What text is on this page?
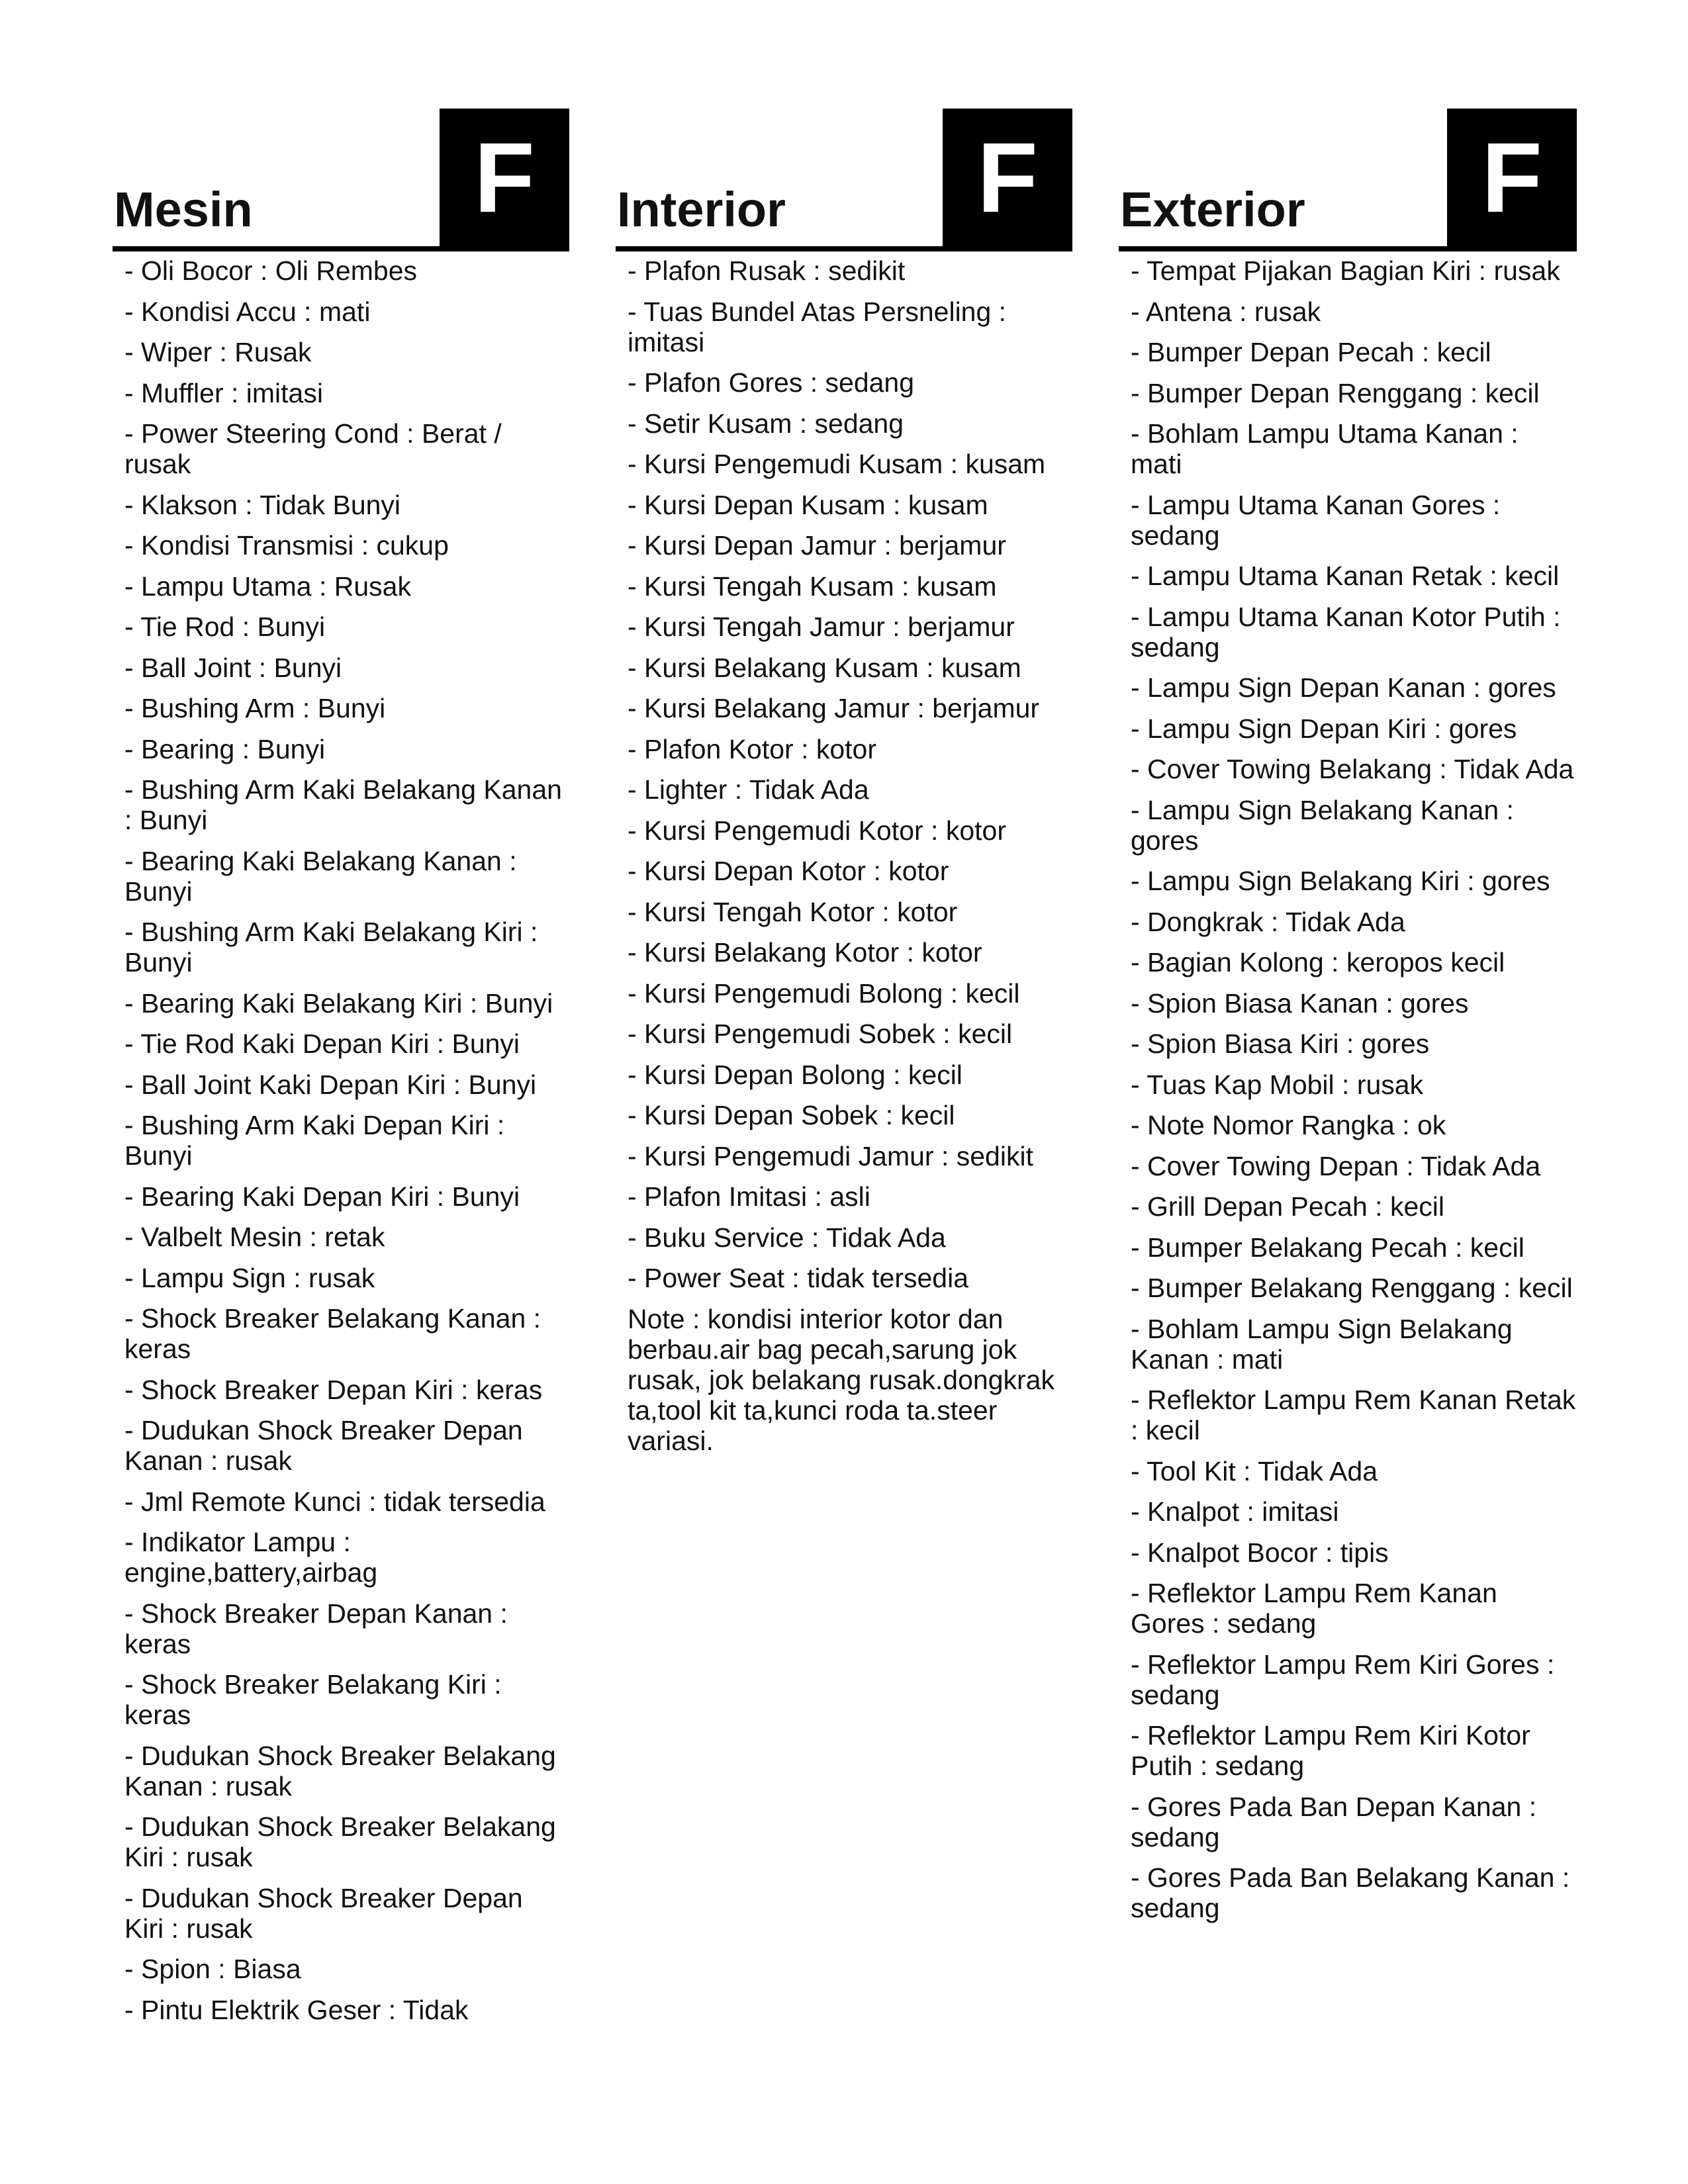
Mesin	F
- Oli Bocor : Oli Rembes
- Kondisi Accu : mati
- Wiper : Rusak
- Muffler : imitasi
- Power Steering Cond : Berat / rusak
- Klakson : Tidak Bunyi
- Kondisi Transmisi : cukup
- Lampu Utama : Rusak
- Tie Rod : Bunyi
- Ball Joint : Bunyi
- Bushing Arm : Bunyi
- Bearing : Bunyi
- Bushing Arm Kaki Belakang Kanan : Bunyi
- Bearing Kaki Belakang Kanan : Bunyi
- Bushing Arm Kaki Belakang Kiri : Bunyi
- Bearing Kaki Belakang Kiri : Bunyi
- Tie Rod Kaki Depan Kiri : Bunyi
- Ball Joint Kaki Depan Kiri : Bunyi
- Bushing Arm Kaki Depan Kiri : Bunyi
- Bearing Kaki Depan Kiri : Bunyi
- Valbelt Mesin : retak
- Lampu Sign : rusak
- Shock Breaker Belakang Kanan : keras
- Shock Breaker Depan Kiri : keras
- Dudukan Shock Breaker Depan Kanan : rusak
- Jml Remote Kunci : tidak tersedia
- Indikator Lampu : engine,battery,airbag
- Shock Breaker Depan Kanan : keras
- Shock Breaker Belakang Kiri : keras
- Dudukan Shock Breaker Belakang Kanan : rusak
- Dudukan Shock Breaker Belakang Kiri : rusak
- Dudukan Shock Breaker Depan Kiri : rusak
- Spion : Biasa
- Pintu Elektrik Geser : Tidak
Interior	F
- Plafon Rusak : sedikit
- Tuas Bundel Atas Persneling : imitasi
- Plafon Gores : sedang
- Setir Kusam : sedang
- Kursi Pengemudi Kusam : kusam
- Kursi Depan Kusam : kusam
- Kursi Depan Jamur : berjamur
- Kursi Tengah Kusam : kusam
- Kursi Tengah Jamur : berjamur
- Kursi Belakang Kusam : kusam
- Kursi Belakang Jamur : berjamur
- Plafon Kotor : kotor
- Lighter : Tidak Ada
- Kursi Pengemudi Kotor : kotor
- Kursi Depan Kotor : kotor
- Kursi Tengah Kotor : kotor
- Kursi Belakang Kotor : kotor
- Kursi Pengemudi Bolong : kecil
- Kursi Pengemudi Sobek : kecil
- Kursi Depan Bolong : kecil
- Kursi Depan Sobek : kecil
- Kursi Pengemudi Jamur : sedikit
- Plafon Imitasi : asli
- Buku Service : Tidak Ada
- Power Seat : tidak tersedia
Note : kondisi interior kotor dan berbau.air bag pecah,sarung jok rusak, jok belakang rusak.dongkrak ta,tool kit ta,kunci roda ta.steer variasi.
Exterior	F
- Tempat Pijakan Bagian Kiri : rusak
- Antena : rusak
- Bumper Depan Pecah : kecil
- Bumper Depan Renggang : kecil
- Bohlam Lampu Utama Kanan : mati
- Lampu Utama Kanan Gores : sedang
- Lampu Utama Kanan Retak : kecil
- Lampu Utama Kanan Kotor Putih : sedang
- Lampu Sign Depan Kanan : gores
- Lampu Sign Depan Kiri : gores
- Cover Towing Belakang : Tidak Ada
- Lampu Sign Belakang Kanan : gores
- Lampu Sign Belakang Kiri : gores
- Dongkrak : Tidak Ada
- Bagian Kolong : keropos kecil
- Spion Biasa Kanan : gores
- Spion Biasa Kiri : gores
- Tuas Kap Mobil : rusak
- Note Nomor Rangka : ok
- Cover Towing Depan : Tidak Ada
- Grill Depan Pecah : kecil
- Bumper Belakang Pecah : kecil
- Bumper Belakang Renggang : kecil
- Bohlam Lampu Sign Belakang Kanan : mati
- Reflektor Lampu Rem Kanan Retak : kecil
- Tool Kit : Tidak Ada
- Knalpot : imitasi
- Knalpot Bocor : tipis
- Reflektor Lampu Rem Kanan Gores : sedang
- Reflektor Lampu Rem Kiri Gores : sedang
- Reflektor Lampu Rem Kiri Kotor Putih : sedang
- Gores Pada Ban Depan Kanan : sedang
- Gores Pada Ban Belakang Kanan : sedang
